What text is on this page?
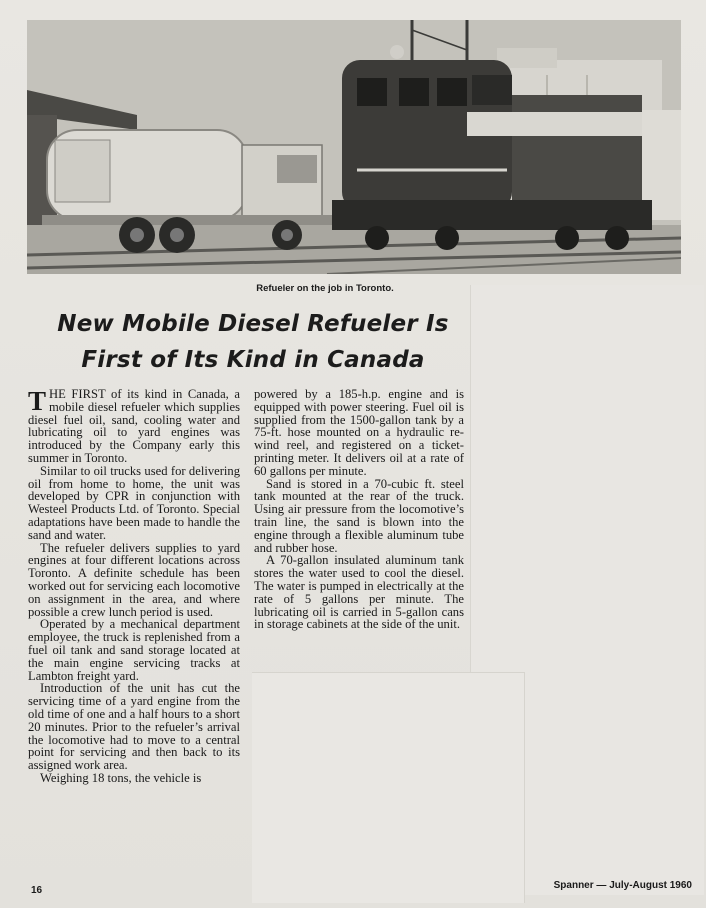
Refueler on the job in Toronto.
New Mobile Diesel Refueler Is
First of Its Kind in Canada

THE FIRST of its kind in Canada, a mobile diesel refueler which supplies diesel fuel oil, sand, cooling water and lubricating oil to yard engines was introduced by the Company early this summer in Toronto.

Similar to oil trucks used for delivering oil from home to home, the unit was developed by CPR in conjunction with Westeel Products Ltd. of Toronto. Special adaptations have been made to handle the sand and water.

The refueler delivers supplies to yard engines at four different locations across Toronto. A definite schedule has been worked out for servicing each locomotive on assignment in the area, and where possible a crew lunch period is used.

Operated by a mechanical department employee, the truck is replenished from a fuel oil tank and sand storage located at the main engine servicing tracks at Lambton freight yard.

Introduction of the unit has cut the servicing time of a yard engine from the old time of one and a half hours to a short 20 minutes. Prior to the refueler’s arrival the locomotive had to move to a central point for servicing and then back to its assigned work area.

Weighing 18 tons, the vehicle is

powered by a 185-h.p. engine and is equipped with power steering. Fuel oil is supplied from the 1500-gallon tank by a 75-ft. hose mounted on a hydraulic re-wind reel, and registered on a ticket-printing meter. It delivers oil at a rate of 60 gallons per minute.

Sand is stored in a 70-cubic ft. steel tank mounted at the rear of the truck. Using air pressure from the locomotive’s train line, the sand is blown into the engine through a flexible aluminum tube and rubber hose.

A 70-gallon insulated aluminum tank stores the water used to cool the diesel. The water is pumped in electrically at the rate of 5 gallons per minute. The lubricating oil is carried in 5-gallon cans in storage cabinets at the side of the unit.

16	Spanner — July-August 1960
